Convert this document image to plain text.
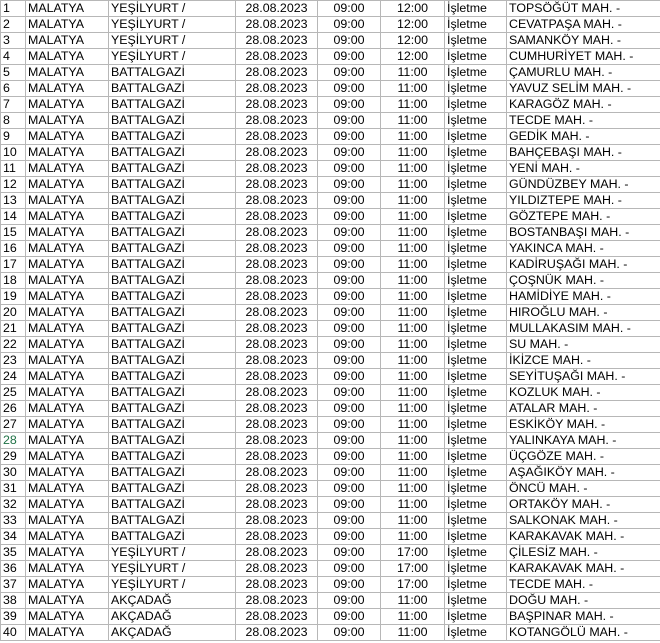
1	MALATYA	YEŞİLYURT /	28.08.2023	09:00	12:00	İşletme	TOPSÖĞÜT MAH. -
2	MALATYA	YEŞİLYURT /	28.08.2023	09:00	12:00	İşletme	CEVATPAŞA MAH. -
3	MALATYA	YEŞİLYURT /	28.08.2023	09:00	12:00	İşletme	SAMANKÖY MAH. -
4	MALATYA	YEŞİLYURT /	28.08.2023	09:00	12:00	İşletme	CUMHURİYET MAH. -
5	MALATYA	BATTALGAZİ	28.08.2023	09:00	11:00	İşletme	ÇAMURLU MAH. -
6	MALATYA	BATTALGAZİ	28.08.2023	09:00	11:00	İşletme	YAVUZ SELİM MAH. -
7	MALATYA	BATTALGAZİ	28.08.2023	09:00	11:00	İşletme	KARAGÖZ MAH. -
8	MALATYA	BATTALGAZİ	28.08.2023	09:00	11:00	İşletme	TECDE MAH. -
9	MALATYA	BATTALGAZİ	28.08.2023	09:00	11:00	İşletme	GEDİK MAH. -
10	MALATYA	BATTALGAZİ	28.08.2023	09:00	11:00	İşletme	BAHÇEBAŞI MAH. -
11	MALATYA	BATTALGAZİ	28.08.2023	09:00	11:00	İşletme	YENİ MAH. -
12	MALATYA	BATTALGAZİ	28.08.2023	09:00	11:00	İşletme	GÜNDÜZBEY MAH. -
13	MALATYA	BATTALGAZİ	28.08.2023	09:00	11:00	İşletme	YILDIZTEPE MAH. -
14	MALATYA	BATTALGAZİ	28.08.2023	09:00	11:00	İşletme	GÖZTEPE MAH. -
15	MALATYA	BATTALGAZİ	28.08.2023	09:00	11:00	İşletme	BOSTANBAŞI MAH. -
16	MALATYA	BATTALGAZİ	28.08.2023	09:00	11:00	İşletme	YAKINCA MAH. -
17	MALATYA	BATTALGAZİ	28.08.2023	09:00	11:00	İşletme	KADİRUŞAĞI MAH. -
18	MALATYA	BATTALGAZİ	28.08.2023	09:00	11:00	İşletme	ÇOŞNÜK MAH. -
19	MALATYA	BATTALGAZİ	28.08.2023	09:00	11:00	İşletme	HAMİDİYE MAH. -
20	MALATYA	BATTALGAZİ	28.08.2023	09:00	11:00	İşletme	HIROĞLU MAH. -
21	MALATYA	BATTALGAZİ	28.08.2023	09:00	11:00	İşletme	MULLAKASIM MAH. -
22	MALATYA	BATTALGAZİ	28.08.2023	09:00	11:00	İşletme	SU MAH. -
23	MALATYA	BATTALGAZİ	28.08.2023	09:00	11:00	İşletme	İKİZCE MAH. -
24	MALATYA	BATTALGAZİ	28.08.2023	09:00	11:00	İşletme	SEYİTUŞAĞI MAH. -
25	MALATYA	BATTALGAZİ	28.08.2023	09:00	11:00	İşletme	KOZLUK MAH. -
26	MALATYA	BATTALGAZİ	28.08.2023	09:00	11:00	İşletme	ATALAR MAH. -
27	MALATYA	BATTALGAZİ	28.08.2023	09:00	11:00	İşletme	ESKİKÖY MAH. -
28	MALATYA	BATTALGAZİ	28.08.2023	09:00	11:00	İşletme	YALINKAYA MAH. -
29	MALATYA	BATTALGAZİ	28.08.2023	09:00	11:00	İşletme	ÜÇGÖZE MAH. -
30	MALATYA	BATTALGAZİ	28.08.2023	09:00	11:00	İşletme	AŞAĞIKÖY MAH. -
31	MALATYA	BATTALGAZİ	28.08.2023	09:00	11:00	İşletme	ÖNCÜ MAH. -
32	MALATYA	BATTALGAZİ	28.08.2023	09:00	11:00	İşletme	ORTAKÖY MAH. -
33	MALATYA	BATTALGAZİ	28.08.2023	09:00	11:00	İşletme	SALKONAK MAH. -
34	MALATYA	BATTALGAZİ	28.08.2023	09:00	11:00	İşletme	KARAKAVAK MAH. -
35	MALATYA	YEŞİLYURT /	28.08.2023	09:00	17:00	İşletme	ÇİLESİZ MAH. -
36	MALATYA	YEŞİLYURT /	28.08.2023	09:00	17:00	İşletme	KARAKAVAK MAH. -
37	MALATYA	YEŞİLYURT /	28.08.2023	09:00	17:00	İşletme	TECDE MAH. -
38	MALATYA	AKÇADAĞ	28.08.2023	09:00	11:00	İşletme	DOĞU MAH. -
39	MALATYA	AKÇADAĞ	28.08.2023	09:00	11:00	İşletme	BAŞPINAR MAH. -
40	MALATYA	AKÇADAĞ	28.08.2023	09:00	11:00	İşletme	KOTANGÖLÜ MAH. -
